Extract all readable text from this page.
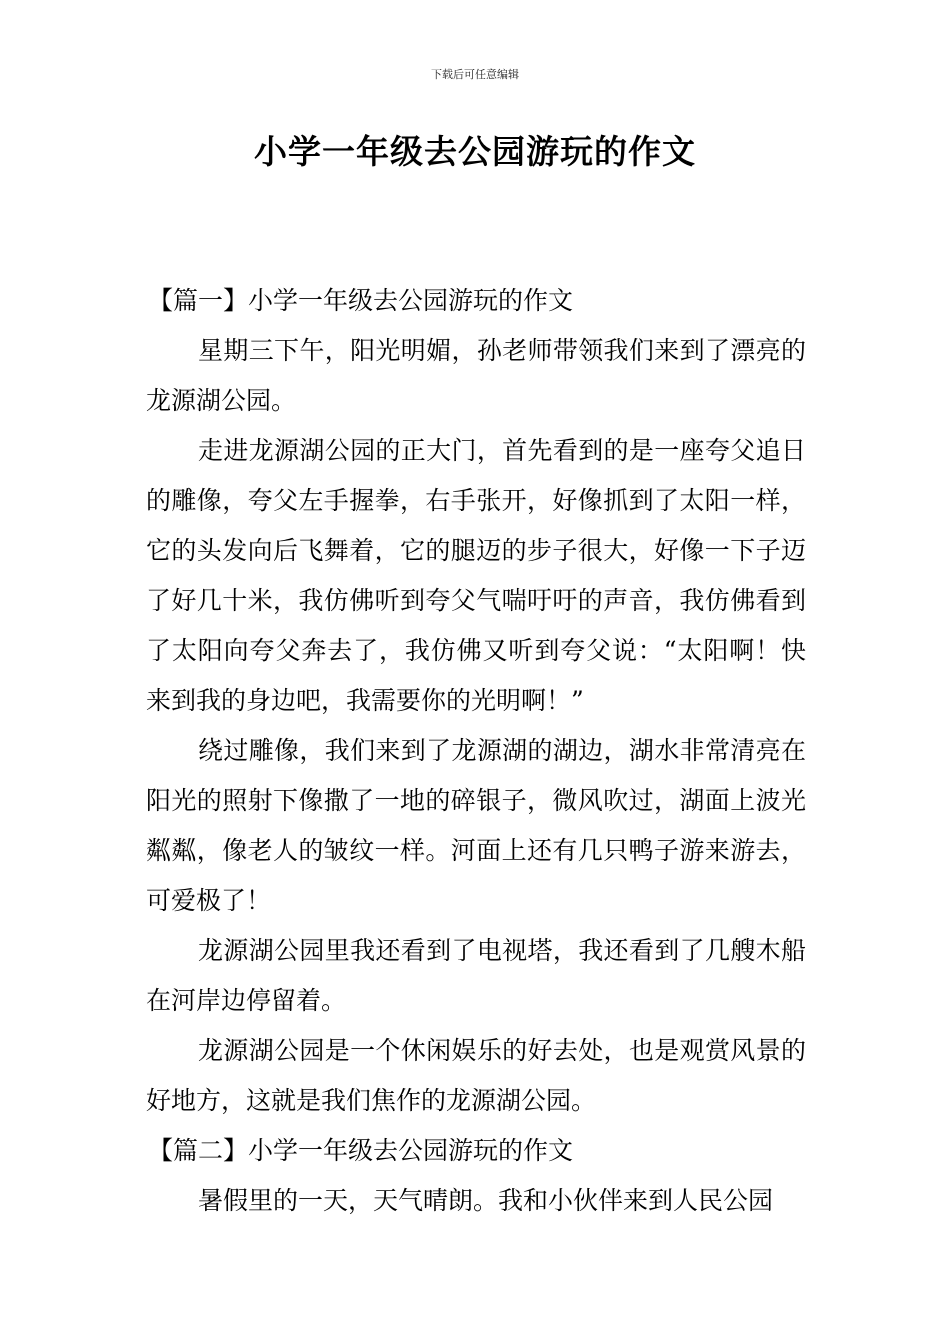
下载后可任意编辑
小学一年级去公园游玩的作文

【篇一】小学一年级去公园游玩的作文

星期三下午，阳光明媚，孙老师带领我们来到了漂亮的龙源湖公园。

走进龙源湖公园的正大门，首先看到的是一座夸父追日的雕像，夸父左手握拳，右手张开，好像抓到了太阳一样，它的头发向后飞舞着，它的腿迈的步子很大，好像一下子迈了好几十米，我仿佛听到夸父气喘吁吁的声音，我仿佛看到了太阳向夸父奔去了，我仿佛又听到夸父说：“太阳啊！快来到我的身边吧，我需要你的光明啊！”

绕过雕像，我们来到了龙源湖的湖边，湖水非常清亮在阳光的照射下像撒了一地的碎银子，微风吹过，湖面上波光粼粼，像老人的皱纹一样。河面上还有几只鸭子游来游去，可爱极了！

龙源湖公园里我还看到了电视塔，我还看到了几艘木船在河岸边停留着。

龙源湖公园是一个休闲娱乐的好去处，也是观赏风景的好地方，这就是我们焦作的龙源湖公园。

【篇二】小学一年级去公园游玩的作文

暑假里的一天，天气晴朗。我和小伙伴来到人民公园
